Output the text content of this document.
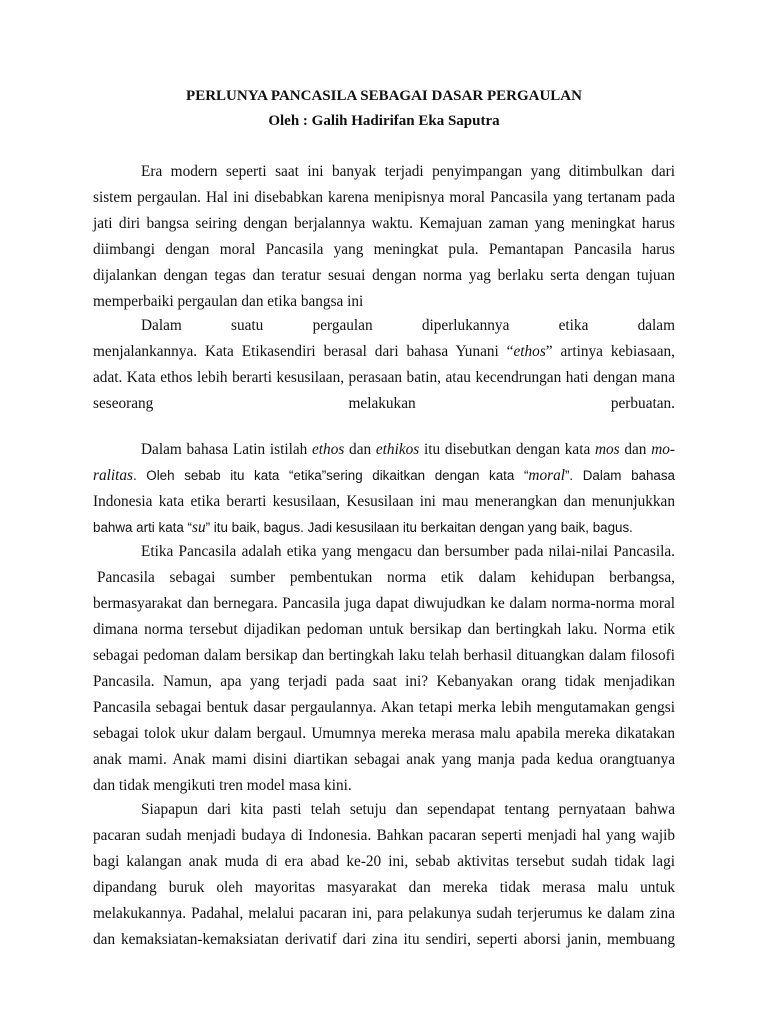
PERLUNYA PANCASILA SEBAGAI DASAR PERGAULAN
Oleh : Galih Hadirifan Eka Saputra
Era modern seperti saat ini banyak terjadi penyimpangan yang ditimbulkan dari
sistem pergaulan. Hal ini disebabkan karena menipisnya moral Pancasila yang tertanam pada
jati diri bangsa seiring dengan berjalannya waktu. Kemajuan zaman yang meningkat harus
diimbangi dengan moral Pancasila yang meningkat pula. Pemantapan Pancasila harus
dijalankan dengan tegas dan teratur sesuai dengan norma yag berlaku serta dengan tujuan
memperbaiki pergaulan dan etika bangsa ini
Dalam suatu pergaulan diperlukannya etika dalam
menjalankannya. Kata Etikasendiri berasal dari bahasa Yunani “ethos” artinya kebiasaan,
adat. Kata ethos lebih berarti kesusilaan, perasaan batin, atau kecendrungan hati dengan mana
seseorang melakukan perbuatan.
Dalam bahasa Latin istilah ethos dan ethikos itu disebutkan dengan kata mos dan mo-
ralitas. Oleh sebab itu kata “etika”sering dikaitkan dengan kata “moral”. Dalam bahasa
Indonesia kata etika berarti kesusilaan, Kesusilaan ini mau menerangkan dan menunjukkan
bahwa arti kata “su” itu baik, bagus. Jadi kesusilaan itu berkaitan dengan yang baik, bagus.
Etika Pancasila adalah etika yang mengacu dan bersumber pada nilai-nilai Pancasila.
Pancasila sebagai sumber pembentukan norma etik dalam kehidupan berbangsa,
bermasyarakat dan bernegara. Pancasila juga dapat diwujudkan ke dalam norma-norma moral
dimana norma tersebut dijadikan pedoman untuk bersikap dan bertingkah laku. Norma etik
sebagai pedoman dalam bersikap dan bertingkah laku telah berhasil dituangkan dalam filosofi
Pancasila. Namun, apa yang terjadi pada saat ini? Kebanyakan orang tidak menjadikan
Pancasila sebagai bentuk dasar pergaulannya. Akan tetapi merka lebih mengutamakan gengsi
sebagai tolok ukur dalam bergaul. Umumnya mereka merasa malu apabila mereka dikatakan
anak mami. Anak mami disini diartikan sebagai anak yang manja pada kedua orangtuanya
dan tidak mengikuti tren model masa kini.
Siapapun dari kita pasti telah setuju dan sependapat tentang pernyataan bahwa
pacaran sudah menjadi budaya di Indonesia. Bahkan pacaran seperti menjadi hal yang wajib
bagi kalangan anak muda di era abad ke-20 ini, sebab aktivitas tersebut sudah tidak lagi
dipandang buruk oleh mayoritas masyarakat dan mereka tidak merasa malu untuk
melakukannya. Padahal, melalui pacaran ini, para pelakunya sudah terjerumus ke dalam zina
dan kemaksiatan-kemaksiatan derivatif dari zina itu sendiri, seperti aborsi janin, membuang
